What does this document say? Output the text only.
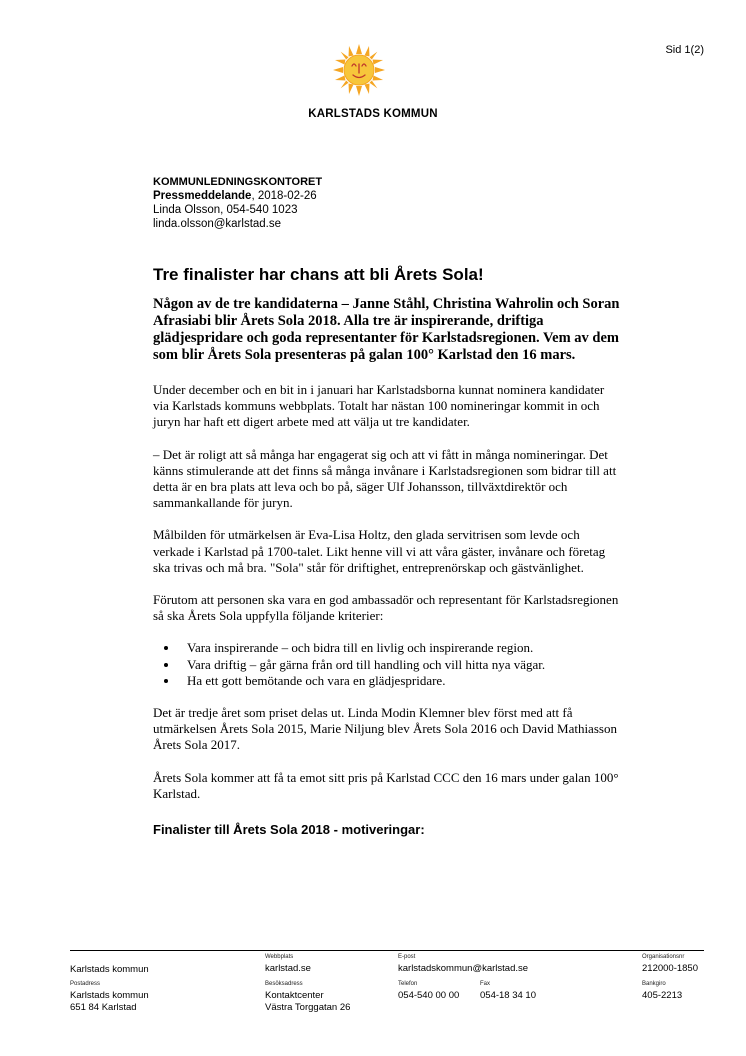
Sid 1(2)
KARLSTADS KOMMUN
KOMMUNLEDNINGSKONTORET
Pressmeddelande, 2018-02-26
Linda Olsson, 054-540 1023
linda.olsson@karlstad.se
Tre finalister har chans att bli Årets Sola!

Någon av de tre kandidaterna – Janne Ståhl, Christina Wahrolin och Soran Afrasiabi blir Årets Sola 2018. Alla tre är inspirerande, driftiga glädjespridare och goda representanter för Karlstadsregionen. Vem av dem som blir Årets Sola presenteras på galan 100° Karlstad den 16 mars.

Under december och en bit in i januari har Karlstadsborna kunnat nominera kandidater via Karlstads kommuns webbplats. Totalt har nästan 100 nomineringar kommit in och juryn har haft ett digert arbete med att välja ut tre kandidater.

– Det är roligt att så många har engagerat sig och att vi fått in många nomineringar. Det känns stimulerande att det finns så många invånare i Karlstadsregionen som bidrar till att detta är en bra plats att leva och bo på, säger Ulf Johansson, tillväxtdirektör och sammankallande för juryn.

Målbilden för utmärkelsen är Eva-Lisa Holtz, den glada servitrisen som levde och verkade i Karlstad på 1700-talet. Likt henne vill vi att våra gäster, invånare och företag ska trivas och må bra. "Sola" står för driftighet, entreprenörskap och gästvänlighet.

Förutom att personen ska vara en god ambassadör och representant för Karlstadsregionen så ska Årets Sola uppfylla följande kriterier:

• Vara inspirerande – och bidra till en livlig och inspirerande region.
• Vara driftig – går gärna från ord till handling och vill hitta nya vägar.
• Ha ett gott bemötande och vara en glädjespridare.

Det är tredje året som priset delas ut. Linda Modin Klemner blev först med att få utmärkelsen Årets Sola 2015, Marie Niljung blev Årets Sola 2016 och David Mathiasson Årets Sola 2017.

Årets Sola kommer att få ta emot sitt pris på Karlstad CCC den 16 mars under galan 100° Karlstad.

Finalister till Årets Sola 2018 - motiveringar:
Karlstads kommun
Webbplats
karlstad.se
E-post
karlstadskommun@karlstad.se
Organisationsnr
212000-1850
Postadress
Karlstads kommun
651 84 Karlstad
Besöksadress
Kontaktcenter
Västra Torggatan 26
Telefon
054-540 00 00
Fax
054-18 34 10
Bankgiro
405-2213
